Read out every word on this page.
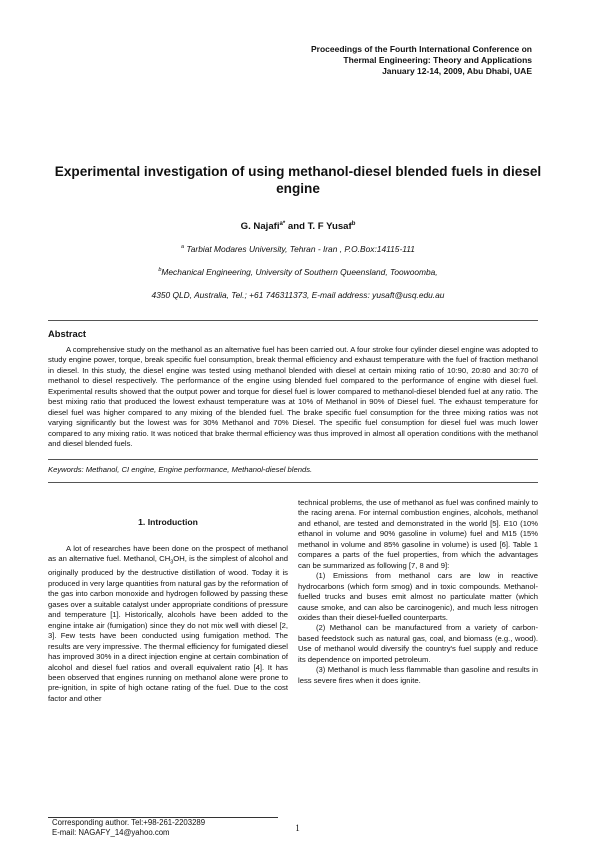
Proceedings of the Fourth International Conference on
Thermal Engineering: Theory and Applications
January 12-14, 2009, Abu Dhabi, UAE
Experimental investigation of using methanol-diesel blended fuels in diesel engine
G. Najafi$^{a*}$ and T. F Yusaf$^b$
$^a$ Tarbiat Modares University, Tehran - Iran , P.O.Box:14115-111
$^b$Mechanical Engineering, University of Southern Queensland, Toowoomba,
4350 QLD, Australia, Tel.; +61 746311373, E-mail address: yusaft@usq.edu.au
Abstract
A comprehensive study on the methanol as an alternative fuel has been carried out. A four stroke four cylinder diesel engine was adopted to study engine power, torque, break specific fuel consumption, break thermal efficiency and exhaust temperature with the fuel of fraction methanol in diesel. In this study, the diesel engine was tested using methanol blended with diesel at certain mixing ratio of 10:90, 20:80 and 30:70 of methanol to diesel respectively. The performance of the engine using blended fuel compared to the performance of engine with diesel fuel. Experimental results showed that the output power and torque for diesel fuel is lower compared to methanol-diesel blended fuel at any ratio. The best mixing ratio that produced the lowest exhaust temperature was at 10% of Methanol in 90% of Diesel fuel. The exhaust temperature for diesel fuel was higher compared to any mixing of the blended fuel. The brake specific fuel consumption for the three mixing ratios was not varying significantly but the lowest was for 30% Methanol and 70% Diesel. The specific fuel consumption for diesel fuel was much lower compared to any mixing ratio. It was noticed that brake thermal efficiency was thus improved in almost all operation conditions with the methanol and diesel blended fuels.
Keywords: Methanol, CI engine, Engine performance, Methanol-diesel blends.
1. Introduction

A lot of researches have been done on the prospect of methanol as an alternative fuel. Methanol, $CH_3OH$, is the simplest of alcohol and originally produced by the destructive distillation of wood. Today it is produced in very large quantities from natural gas by the reformation of the gas into carbon monoxide and hydrogen followed by passing these gases over a suitable catalyst under appropriate conditions of pressure and temperature [1]. Historically, alcohols have been added to the engine intake air (fumigation) since they do not mix well with diesel [2, 3]. Few tests have been conducted using fumigation method. The results are very impressive. The thermal efficiency for fumigated diesel has improved 30% in a direct injection engine at certain combination of alcohol and diesel fuel ratios and overall equivalent ratio [4]. It has been observed that engines running on methanol alone were prone to pre-ignition, in spite of high octane rating of the fuel. Due to the cost factor and other

technical problems, the use of methanol as fuel was confined mainly to the racing arena. For internal combustion engines, alcohols, methanol and ethanol, are tested and demonstrated in the world [5]. E10 (10% ethanol in volume and 90% gasoline in volume) fuel and M15 (15% methanol in volume and 85% gasoline in volume) is used [6]. Table 1 compares a parts of the fuel properties, from which the advantages can be summarized as following [7, 8 and 9]:

(1) Emissions from methanol cars are low in reactive hydrocarbons (which form smog) and in toxic compounds. Methanol-fuelled trucks and buses emit almost no particulate matter (which cause smoke, and can also be carcinogenic), and much less nitrogen oxides than their diesel-fuelled counterparts.

(2) Methanol can be manufactured from a variety of carbon-based feedstock such as natural gas, coal, and biomass (e.g., wood). Use of methanol would diversify the country's fuel supply and reduce its dependence on imported petroleum.

(3) Methanol is much less flammable than gasoline and results in less severe fires when it does ignite.

Corresponding author. Tel:+98-261-2203289
E-mail: NAGAFY_14@yahoo.com	1
